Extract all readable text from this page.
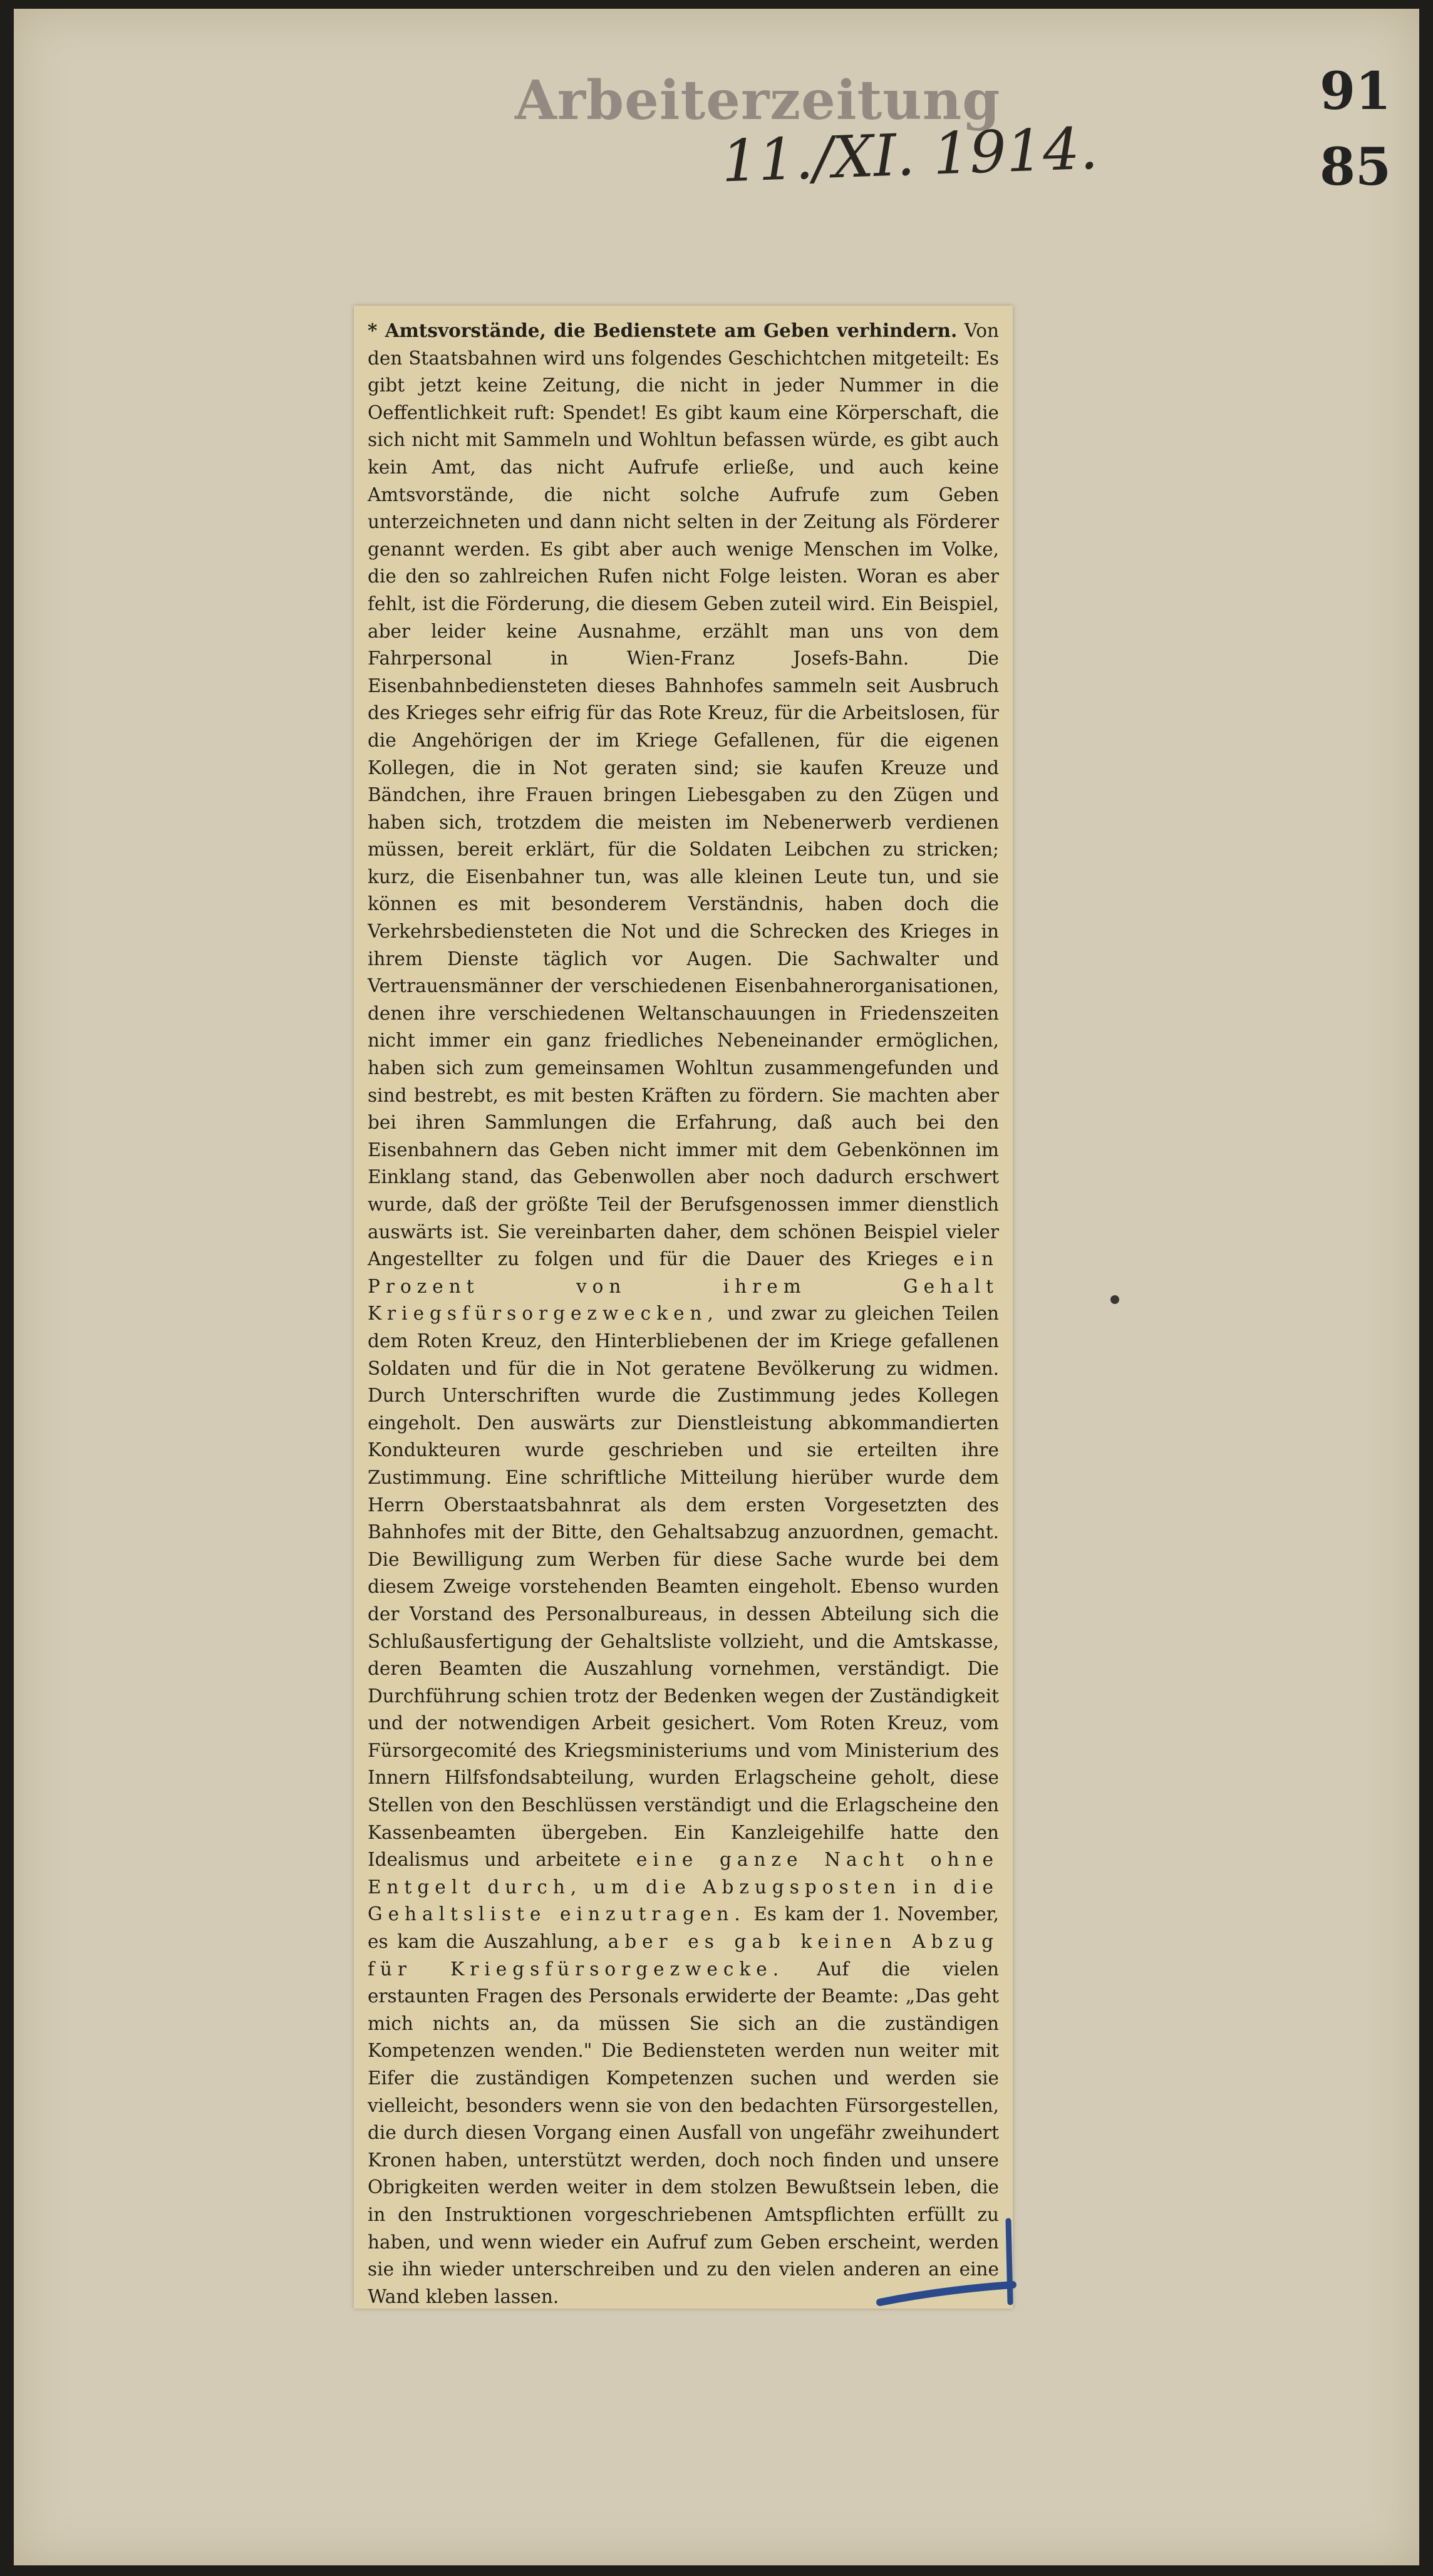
Arbeiterzeitung
11./XI. 1914.
91
85

* Amtsvorstände, die Bedienstete am Geben verhindern. Von den Staatsbahnen wird uns folgendes Geschichtchen mitgeteilt: Es gibt jetzt keine Zeitung, die nicht in jeder Nummer in die Oeffentlichkeit ruft: Spendet! Es gibt kaum eine Körperschaft, die sich nicht mit Sammeln und Wohltun befassen würde, es gibt auch kein Amt, das nicht Aufrufe erließe, und auch keine Amtsvorstände, die nicht solche Aufrufe zum Geben unterzeichneten und dann nicht selten in der Zeitung als Förderer genannt werden. Es gibt aber auch wenige Menschen im Volke, die den so zahlreichen Rufen nicht Folge leisten. Woran es aber fehlt, ist die Förderung, die diesem Geben zuteil wird. Ein Beispiel, aber leider keine Ausnahme, erzählt man uns von dem Fahrpersonal in Wien-Franz Josefs-Bahn. Die Eisenbahnbediensteten dieses Bahnhofes sammeln seit Ausbruch des Krieges sehr eifrig für das Rote Kreuz, für die Arbeitslosen, für die Angehörigen der im Kriege Gefallenen, für die eigenen Kollegen, die in Not geraten sind; sie kaufen Kreuze und Bändchen, ihre Frauen bringen Liebesgaben zu den Zügen und haben sich, trotzdem die meisten im Nebenerwerb verdienen müssen, bereit erklärt, für die Soldaten Leibchen zu stricken; kurz, die Eisenbahner tun, was alle kleinen Leute tun, und sie können es mit besonderem Verständnis, haben doch die Verkehrsbediensteten die Not und die Schrecken des Krieges in ihrem Dienste täglich vor Augen. Die Sachwalter und Vertrauensmänner der verschiedenen Eisenbahnerorganisationen, denen ihre verschiedenen Weltanschauungen in Friedenszeiten nicht immer ein ganz friedliches Nebeneinander ermöglichen, haben sich zum gemeinsamen Wohltun zusammengefunden und sind bestrebt, es mit besten Kräften zu fördern. Sie machten aber bei ihren Sammlungen die Erfahrung, daß auch bei den Eisenbahnern das Geben nicht immer mit dem Gebenkönnen im Einklang stand, das Gebenwollen aber noch dadurch erschwert wurde, daß der größte Teil der Berufsgenossen immer dienstlich auswärts ist. Sie vereinbarten daher, dem schönen Beispiel vieler Angestellter zu folgen und für die Dauer des Krieges ein Prozent von ihrem Gehalt Kriegsfürsorgezwecken, und zwar zu gleichen Teilen dem Roten Kreuz, den Hinterbliebenen der im Kriege gefallenen Soldaten und für die in Not geratene Bevölkerung zu widmen. Durch Unterschriften wurde die Zustimmung jedes Kollegen eingeholt. Den auswärts zur Dienstleistung abkommandierten Kondukteuren wurde geschrieben und sie erteilten ihre Zustimmung. Eine schriftliche Mitteilung hierüber wurde dem Herrn Oberstaatsbahnrat als dem ersten Vorgesetzten des Bahnhofes mit der Bitte, den Gehaltsabzug anzuordnen, gemacht. Die Bewilligung zum Werben für diese Sache wurde bei dem diesem Zweige vorstehenden Beamten eingeholt. Ebenso wurden der Vorstand des Personalbureaus, in dessen Abteilung sich die Schlußausfertigung der Gehaltsliste vollzieht, und die Amtskasse, deren Beamten die Auszahlung vornehmen, verständigt. Die Durchführung schien trotz der Bedenken wegen der Zuständigkeit und der notwendigen Arbeit gesichert. Vom Roten Kreuz, vom Fürsorgecomité des Kriegsministeriums und vom Ministerium des Innern Hilfsfondsabteilung, wurden Erlagscheine geholt, diese Stellen von den Beschlüssen verständigt und die Erlagscheine den Kassenbeamten übergeben. Ein Kanzleigehilfe hatte den Idealismus und arbeitete eine ganze Nacht ohne Entgelt durch, um die Abzugsposten in die Gehaltsliste einzutragen. Es kam der 1. November, es kam die Auszahlung, aber es gab keinen Abzug für Kriegsfürsorgezwecke. Auf die vielen erstaunten Fragen des Personals erwiderte der Beamte: „Das geht mich nichts an, da müssen Sie sich an die zuständigen Kompetenzen wenden." Die Bediensteten werden nun weiter mit Eifer die zuständigen Kompetenzen suchen und werden sie vielleicht, besonders wenn sie von den bedachten Fürsorgestellen, die durch diesen Vorgang einen Ausfall von ungefähr zweihundert Kronen haben, unterstützt werden, doch noch finden und unsere Obrigkeiten werden weiter in dem stolzen Bewußtsein leben, die in den Instruktionen vorgeschriebenen Amtspflichten erfüllt zu haben, und wenn wieder ein Aufruf zum Geben erscheint, werden sie ihn wieder unterschreiben und zu den vielen anderen an eine Wand kleben lassen.
